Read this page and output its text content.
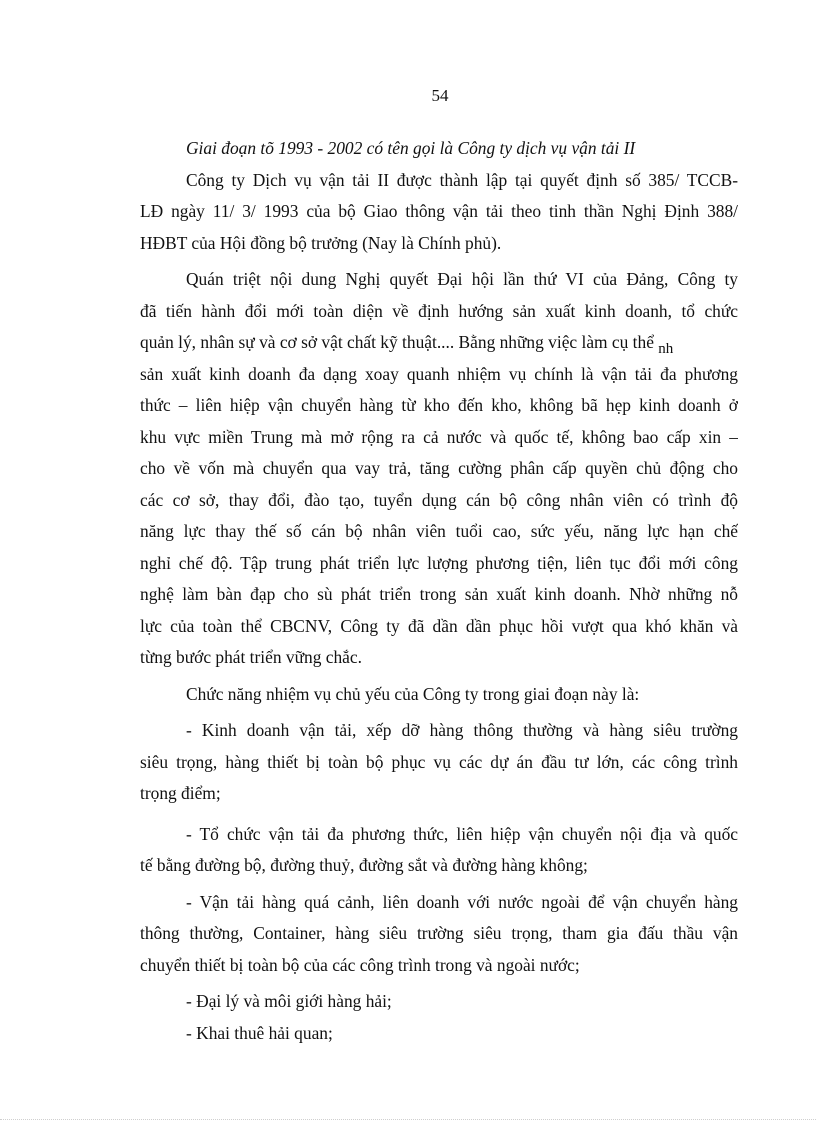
54
Giai đoạn tõ 1993 - 2002 có tên gọi là Công ty dịch vụ vận tải II
Công ty Dịch vụ vận tải II được thành lập tại quyết định số 385/ TCCB-
LĐ ngày 11/ 3/ 1993 của bộ Giao thông vận tải theo tinh thần Nghị Định 388/
HĐBT của Hội đồng bộ trưởng (Nay là Chính phủ).
Quán triệt nội dung Nghị quyết Đại hội lần thứ VI của Đảng, Công ty
đã tiến hành đổi mới toàn diện về định hướng sản xuất kinh doanh, tổ chức
quản lý, nhân sự và cơ sở vật chất kỹ thuật.... Bằng những việc làm cụ thể nh
sản xuất kinh doanh đa dạng xoay quanh nhiệm vụ chính là vận tải đa phương
thức – liên hiệp vận chuyển hàng từ kho đến kho, không bã hẹp kinh doanh ở
khu vực miền Trung mà mở rộng ra cả nước và quốc tế, không bao cấp xin –
cho về vốn mà chuyển qua vay trả, tăng cường phân cấp quyền chủ động cho
các cơ sở, thay đổi, đào tạo, tuyển dụng cán bộ công nhân viên có trình độ
năng lực thay thế số cán bộ nhân viên tuổi cao, sức yếu, năng lực hạn chế
nghỉ chế độ. Tập trung phát triển lực lượng phương tiện, liên tục đổi mới công
nghệ làm bàn đạp cho sù phát triển trong sản xuất kinh doanh. Nhờ những nỗ
lực của toàn thể CBCNV, Công ty đã dần dần phục hồi vượt qua khó khăn và
từng bước phát triển vững chắc.
Chức năng nhiệm vụ chủ yếu của Công ty trong giai đoạn này là:
- Kinh doanh vận tải, xếp dỡ hàng thông thường và hàng siêu trường
siêu trọng, hàng thiết bị toàn bộ phục vụ các dự án đầu tư lớn, các công trình
trọng điểm;
- Tổ chức vận tải đa phương thức, liên hiệp vận chuyển nội địa và quốc
tế bằng đường bộ, đường thuỷ, đường sắt và đường hàng không;
- Vận tải hàng quá cảnh, liên doanh với nước ngoài để vận chuyển hàng
thông thường, Container, hàng siêu trường siêu trọng, tham gia đấu thầu vận
chuyển thiết bị toàn bộ của các công trình trong và ngoài nước;
- Đại lý và môi giới hàng hải;
- Khai thuê hải quan;
